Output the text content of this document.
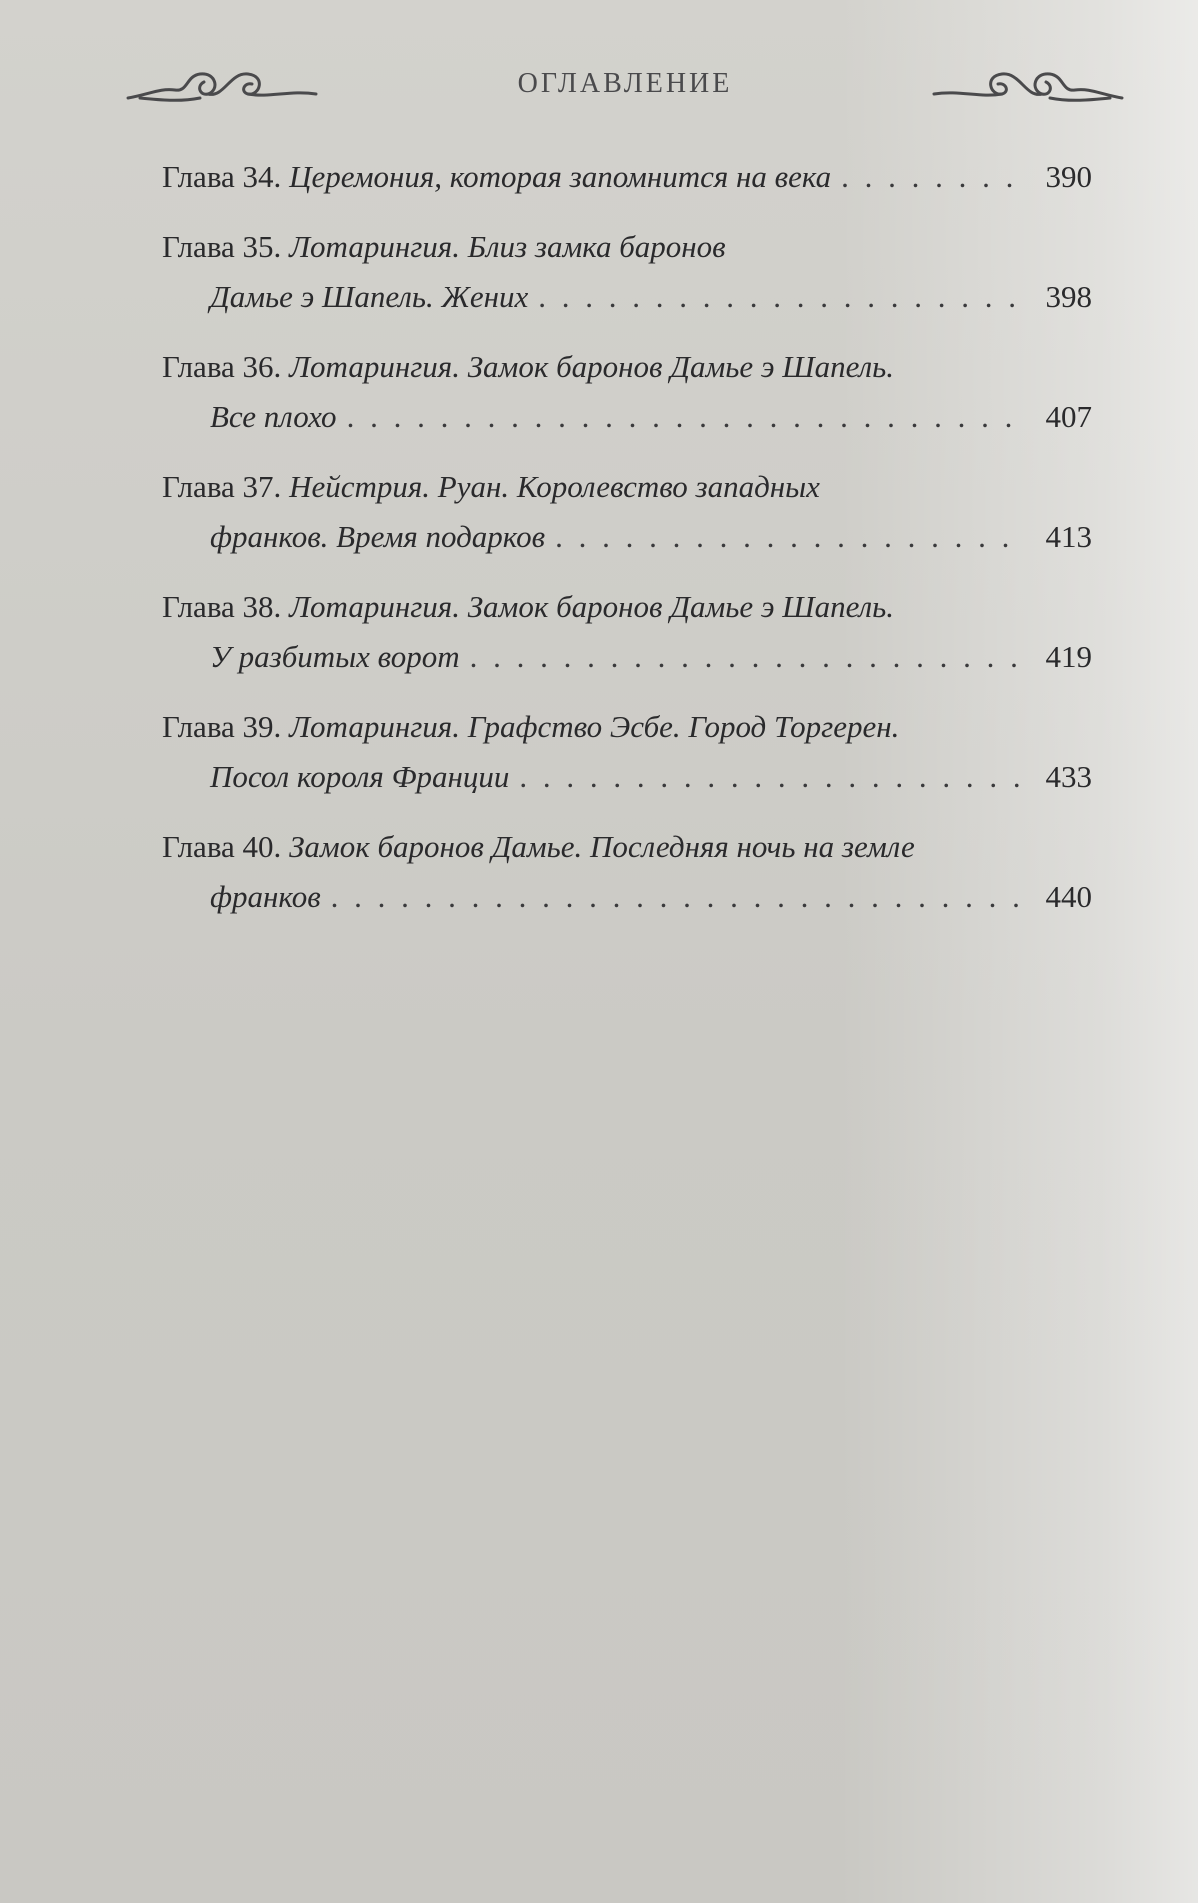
ОГЛАВЛЕНИЕ
Глава 34.
Церемония, которая запомнится на века . . .	390
Глава 35. Лотарингия. Близ замка баронов
Дамье э Шапель. Жених . . .	398
Глава 36. Лотарингия. Замок баронов Дамье э Шапель.
Все плохо . . .	407
Глава 37. Нейстрия. Руан. Королевство западных
франков. Время подарков . . .	413
Глава 38. Лотарингия. Замок баронов Дамье э Шапель.
У разбитых ворот . . .	419
Глава 39. Лотарингия. Графство Эсбе. Город Торгерен.
Посол короля Франции . . .	433
Глава 40. Замок баронов Дамье. Последняя ночь на земле
франков . . .	440
